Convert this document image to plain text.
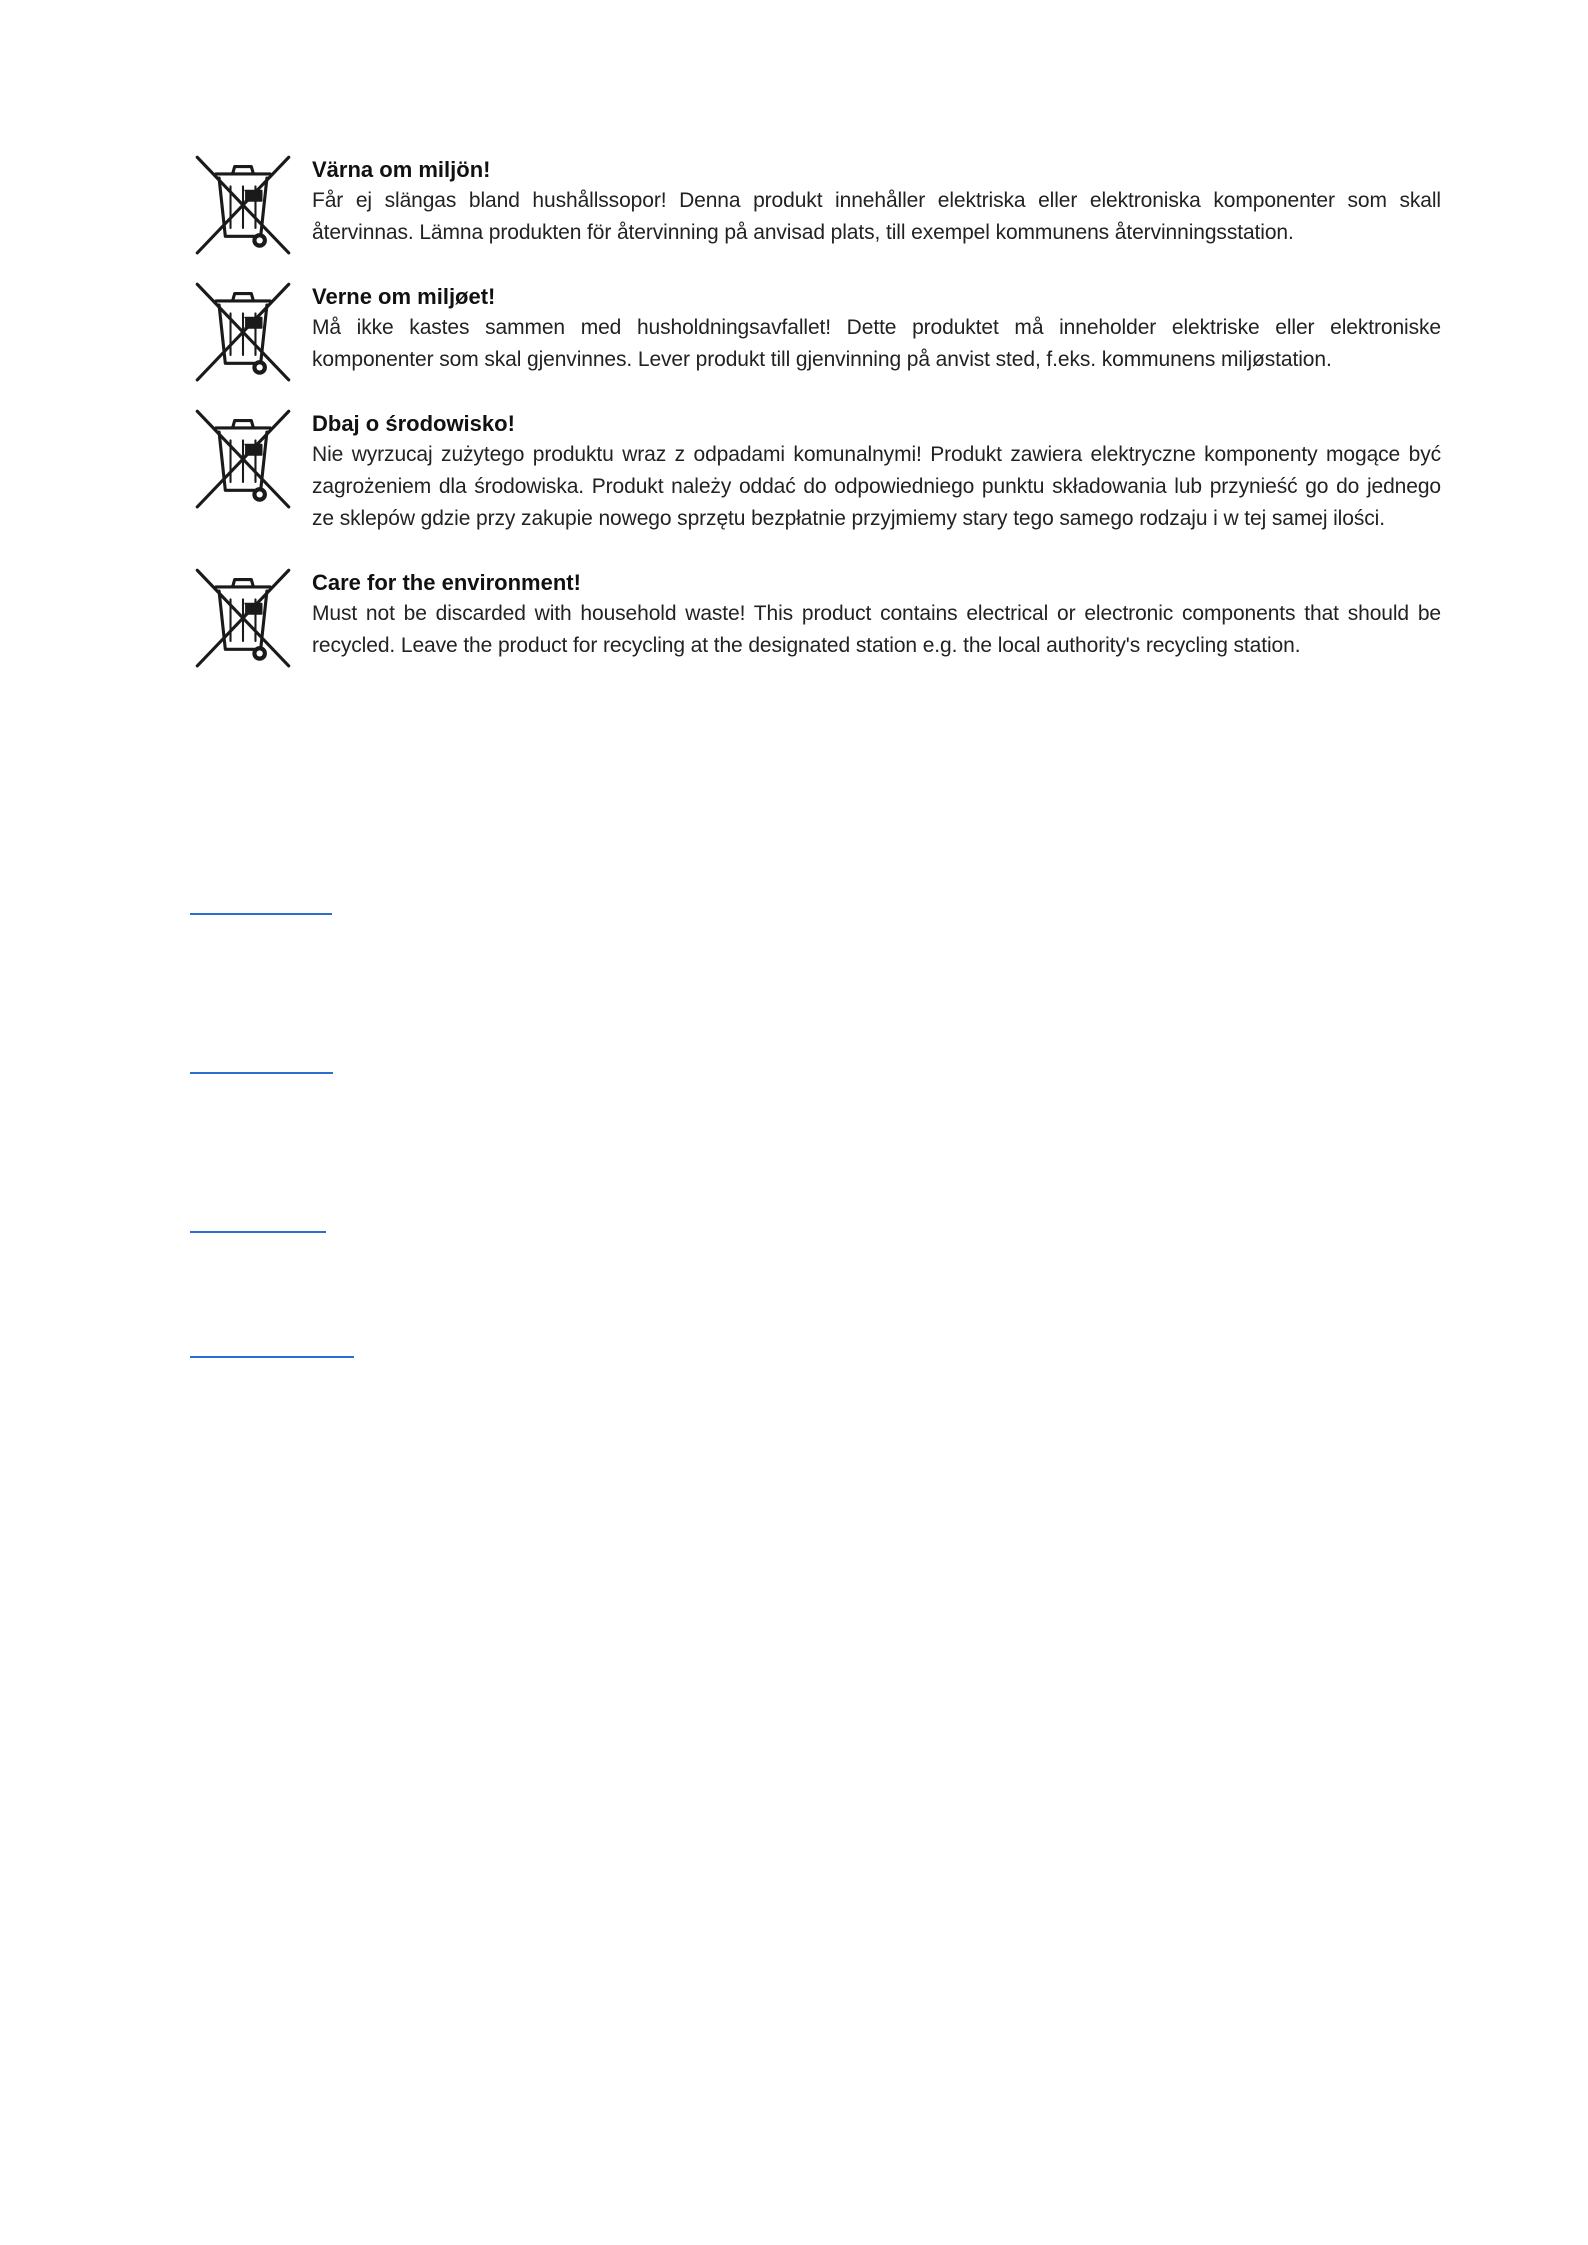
Värna om miljön!

Får ej slängas bland hushållssopor! Denna produkt innehåller elektriska eller elektroniska komponenter som skall återvinnas. Lämna produkten för återvinning på anvisad plats, till exempel kommunens återvinningsstation.

Verne om miljøet!

Må ikke kastes sammen med husholdningsavfallet! Dette produktet må inneholder elektriske eller elektroniske komponenter som skal gjenvinnes. Lever produkt till gjenvinning på anvist sted, f.eks. kommunens miljøstation.

Dbaj o środowisko!

Nie wyrzucaj zużytego produktu wraz z odpadami komunalnymi! Produkt zawiera elektryczne komponenty mogące być zagrożeniem dla środowiska. Produkt należy oddać do odpowiedniego punktu składowania lub przynieść go do jednego ze sklepów gdzie przy zakupie nowego sprzętu bezpłatnie przyjmiemy stary tego samego rodzaju i w tej samej ilości.

Care for the environment!

Must not be discarded with household waste! This product contains electrical or electronic components that should be recycled. Leave the product for recycling at the designated station e.g. the local authority's recycling station.
